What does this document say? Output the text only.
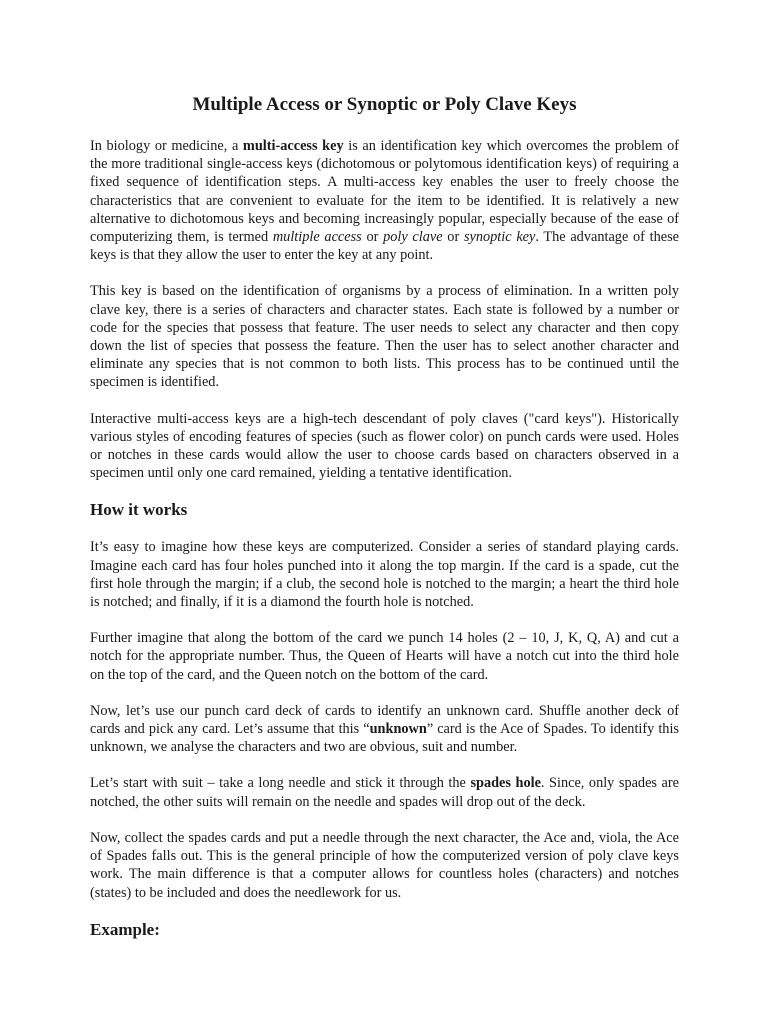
Multiple Access or Synoptic or Poly Clave Keys

In biology or medicine, a multi-access key is an identification key which overcomes the problem of the more traditional single-access keys (dichotomous or polytomous identification keys) of requiring a fixed sequence of identification steps. A multi-access key enables the user to freely choose the characteristics that are convenient to evaluate for the item to be identified. It is relatively a new alternative to dichotomous keys and becoming increasingly popular, especially because of the ease of computerizing them, is termed multiple access or poly clave or synoptic key. The advantage of these keys is that they allow the user to enter the key at any point.

This key is based on the identification of organisms by a process of elimination. In a written poly clave key, there is a series of characters and character states. Each state is followed by a number or code for the species that possess that feature. The user needs to select any character and then copy down the list of species that possess the feature. Then the user has to select another character and eliminate any species that is not common to both lists. This process has to be continued until the specimen is identified.

Interactive multi-access keys are a high-tech descendant of poly claves ("card keys"). Historically various styles of encoding features of species (such as flower color) on punch cards were used. Holes or notches in these cards would allow the user to choose cards based on characters observed in a specimen until only one card remained, yielding a tentative identification.

How it works

It’s easy to imagine how these keys are computerized. Consider a series of standard playing cards. Imagine each card has four holes punched into it along the top margin. If the card is a spade, cut the first hole through the margin; if a club, the second hole is notched to the margin; a heart the third hole is notched; and finally, if it is a diamond the fourth hole is notched.

Further imagine that along the bottom of the card we punch 14 holes (2 – 10, J, K, Q, A) and cut a notch for the appropriate number. Thus, the Queen of Hearts will have a notch cut into the third hole on the top of the card, and the Queen notch on the bottom of the card.

Now, let’s use our punch card deck of cards to identify an unknown card. Shuffle another deck of cards and pick any card. Let’s assume that this “unknown” card is the Ace of Spades. To identify this unknown, we analyse the characters and two are obvious, suit and number.

Let’s start with suit – take a long needle and stick it through the spades hole. Since, only spades are notched, the other suits will remain on the needle and spades will drop out of the deck.

Now, collect the spades cards and put a needle through the next character, the Ace and, viola, the Ace of Spades falls out. This is the general principle of how the computerized version of poly clave keys work. The main difference is that a computer allows for countless holes (characters) and notches (states) to be included and does the needlework for us.

Example:
